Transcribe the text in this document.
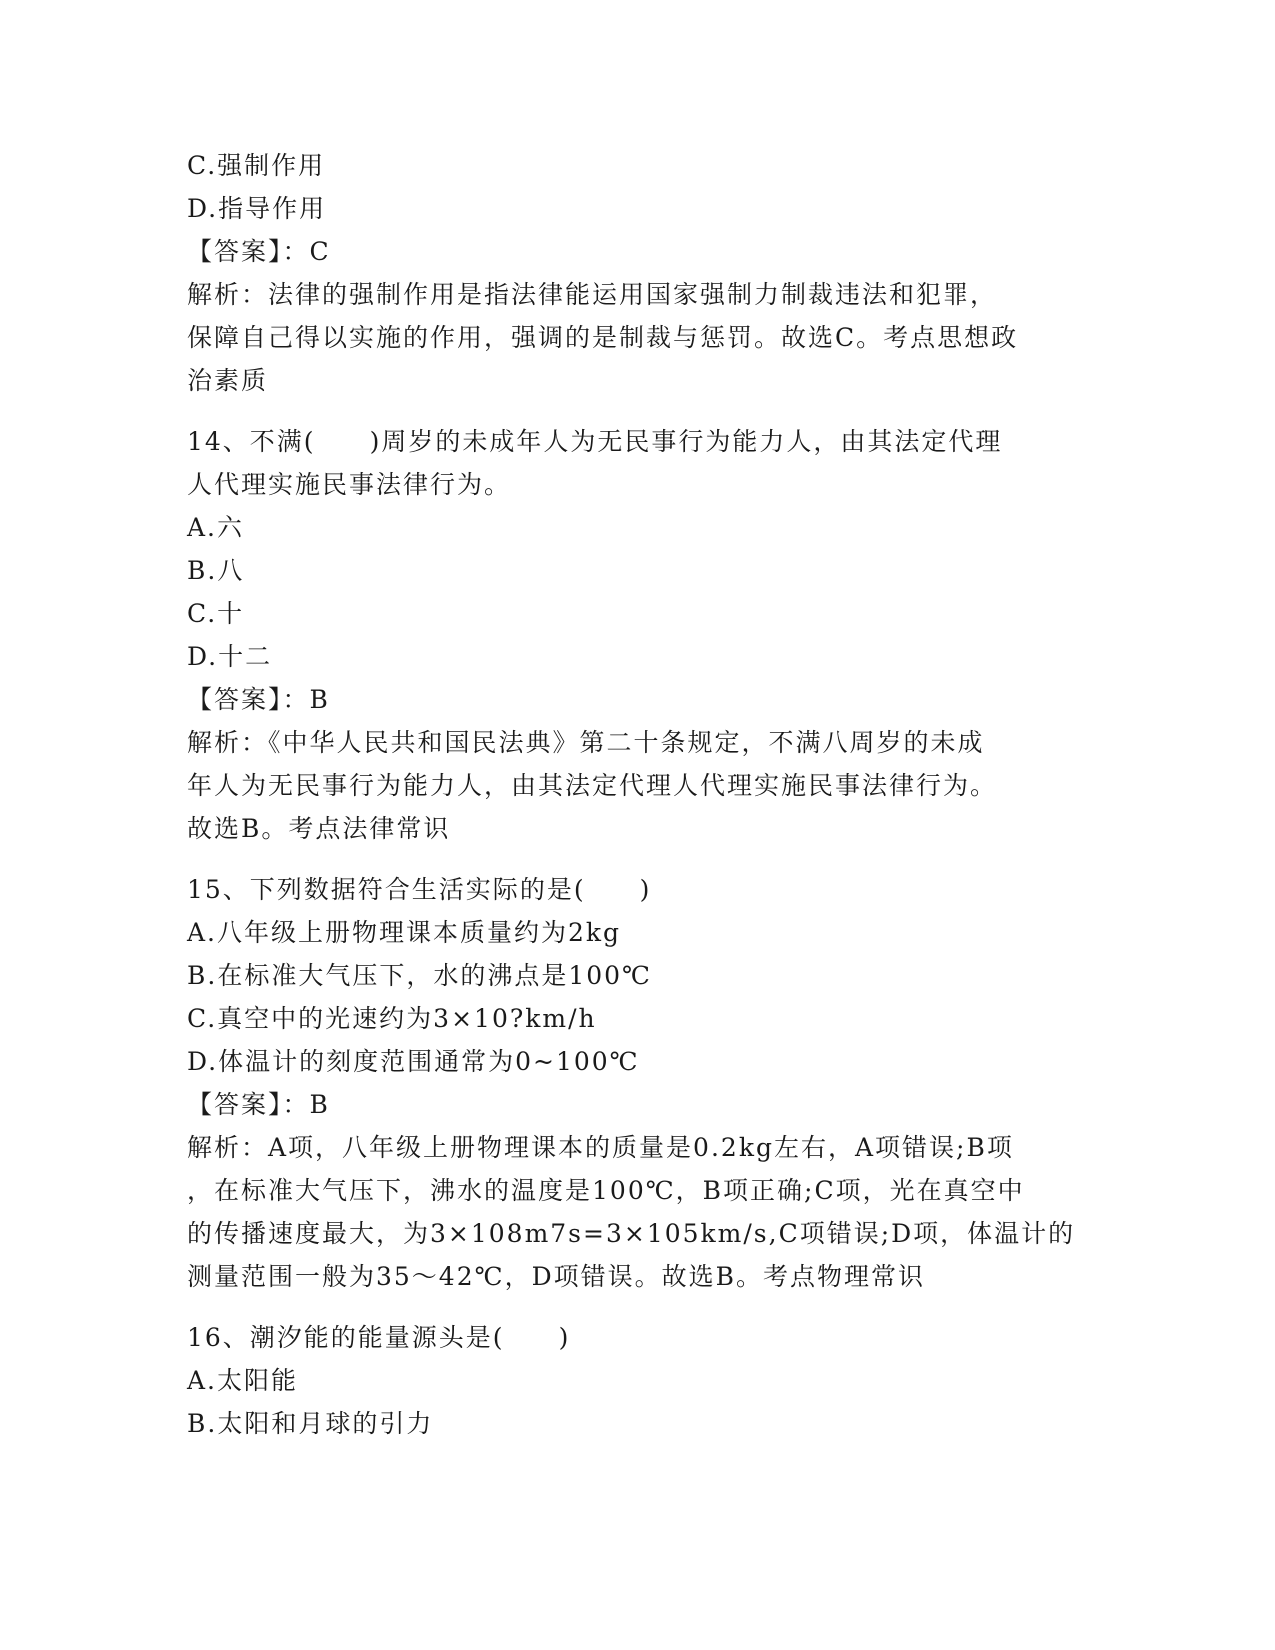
C.强制作用
D.指导作用
【答案】：C
解析：法律的强制作用是指法律能运用国家强制力制裁违法和犯罪，
保障自己得以实施的作用，强调的是制裁与惩罚。故选C。考点思想政
治素质
14、不满(　　)周岁的未成年人为无民事行为能力人，由其法定代理
人代理实施民事法律行为。
A.六
B.八
C.十
D.十二
【答案】：B
解析：《中华人民共和国民法典》第二十条规定，不满八周岁的未成
年人为无民事行为能力人，由其法定代理人代理实施民事法律行为。
故选B。考点法律常识
15、下列数据符合生活实际的是(　　)
A.八年级上册物理课本质量约为2kg
B.在标准大气压下，水的沸点是100℃
C.真空中的光速约为3×10?km/h
D.体温计的刻度范围通常为0~100℃
【答案】：B
解析：A项，八年级上册物理课本的质量是0.2kg左右，A项错误;B项
，在标准大气压下，沸水的温度是100℃，B项正确;C项，光在真空中
的传播速度最大，为3×108m7s=3×105km/s,C项错误;D项，体温计的
测量范围一般为35～42℃，D项错误。故选B。考点物理常识
16、潮汐能的能量源头是(　　)
A.太阳能
B.太阳和月球的引力
